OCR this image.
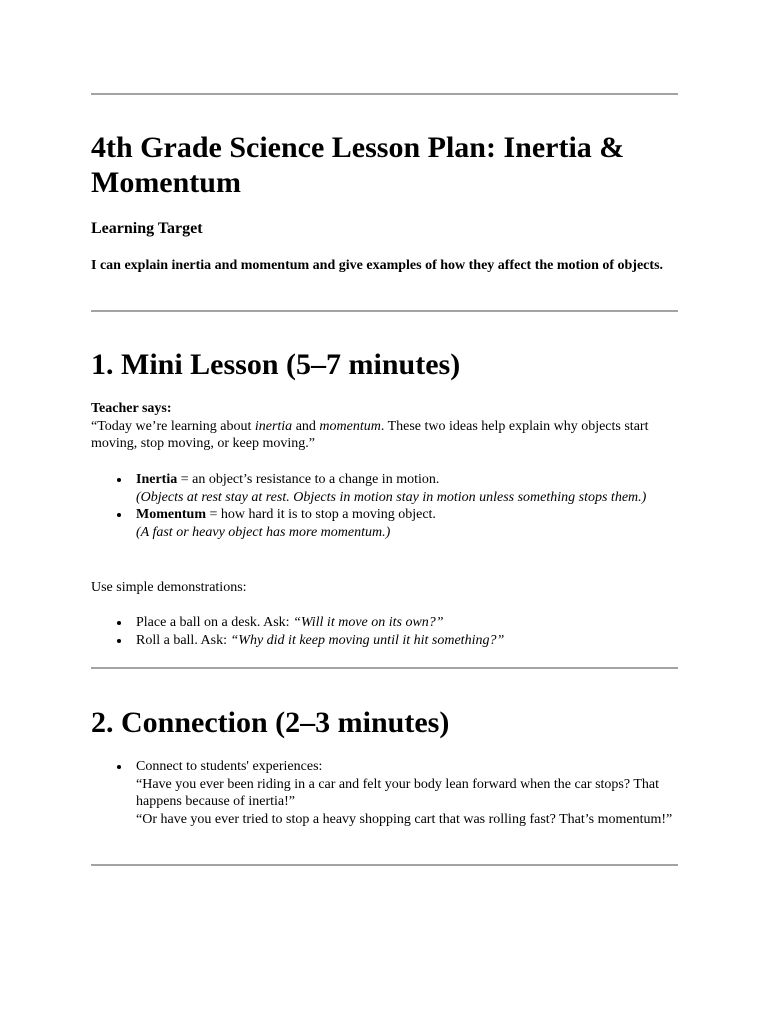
4th Grade Science Lesson Plan: Inertia & Momentum
Learning Target

I can explain inertia and momentum and give examples of how they affect the motion of objects.

1. Mini Lesson (5–7 minutes)

Teacher says:
“Today we’re learning about inertia and momentum. These two ideas help explain why objects start moving, stop moving, or keep moving.”

Inertia = an object’s resistance to a change in motion.
(Objects at rest stay at rest. Objects in motion stay in motion unless something stops them.)
Momentum = how hard it is to stop a moving object.
(A fast or heavy object has more momentum.)

Use simple demonstrations:

Place a ball on a desk. Ask: “Will it move on its own?”
Roll a ball. Ask: “Why did it keep moving until it hit something?”
2. Connection (2–3 minutes)
Connect to students' experiences:
“Have you ever been riding in a car and felt your body lean forward when the car stops? That happens because of inertia!”
“Or have you ever tried to stop a heavy shopping cart that was rolling fast? That’s momentum!”
